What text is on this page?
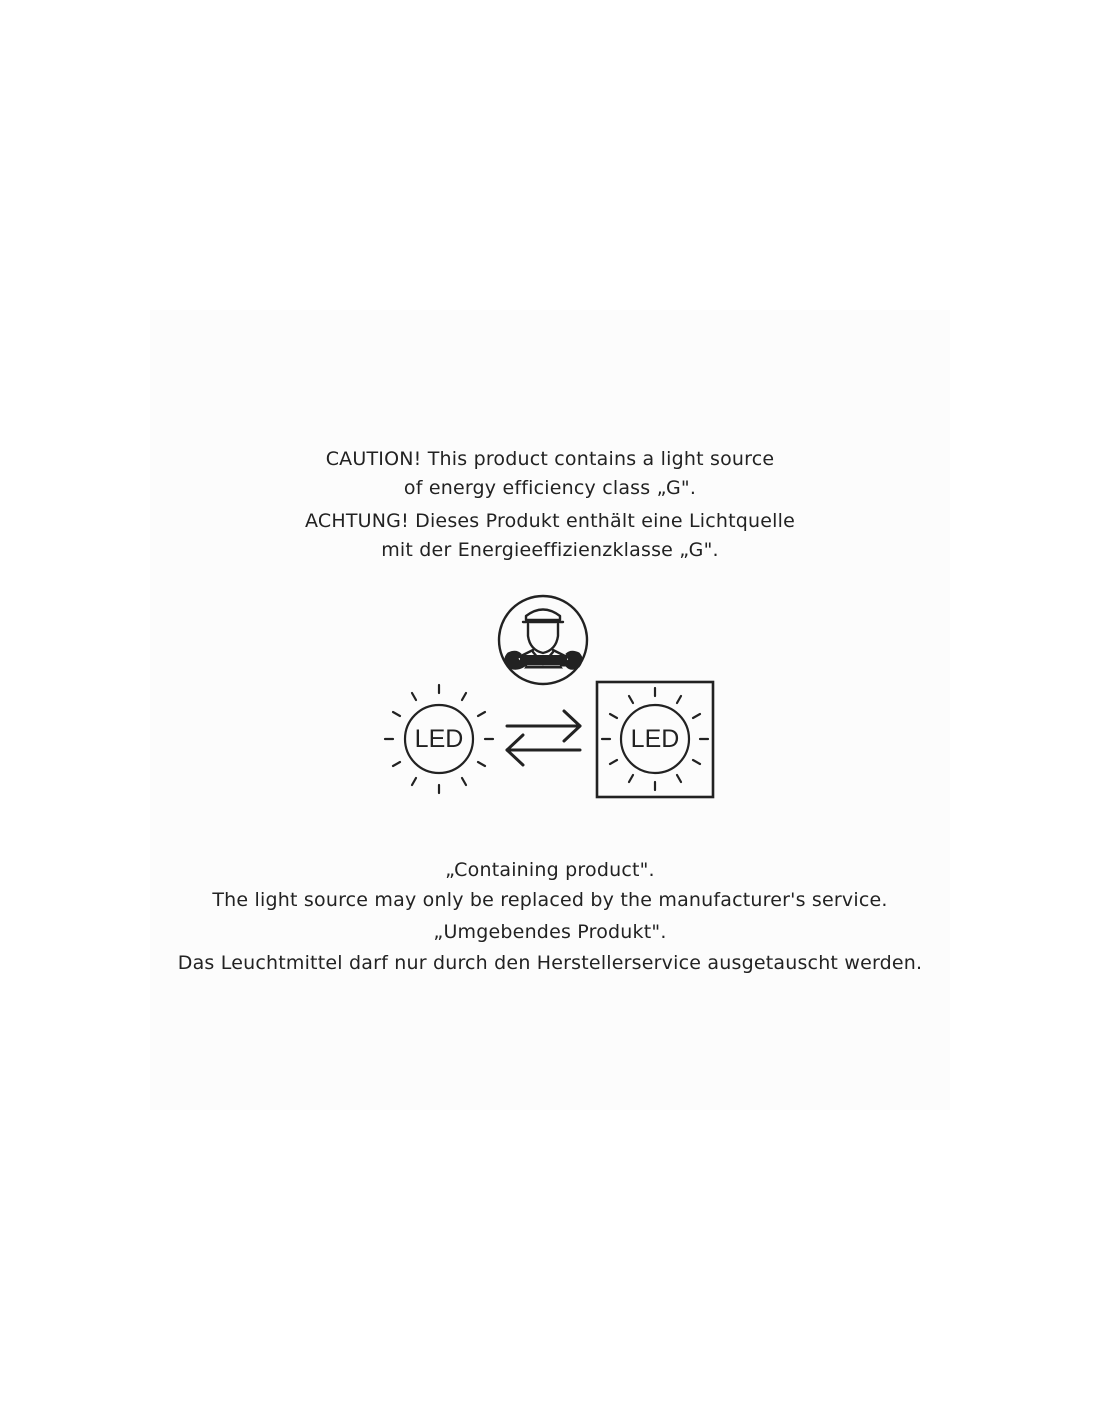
CAUTION! This product contains a light source
of energy efficiency class „G".
ACHTUNG! Dieses Produkt enthält eine Lichtquelle
mit der Energieeffizienzklasse „G".
LED	LED
„Containing product".
The light source may only be replaced by the manufacturer's service.
„Umgebendes Produkt".
Das Leuchtmittel darf nur durch den Herstellerservice ausgetauscht werden.
